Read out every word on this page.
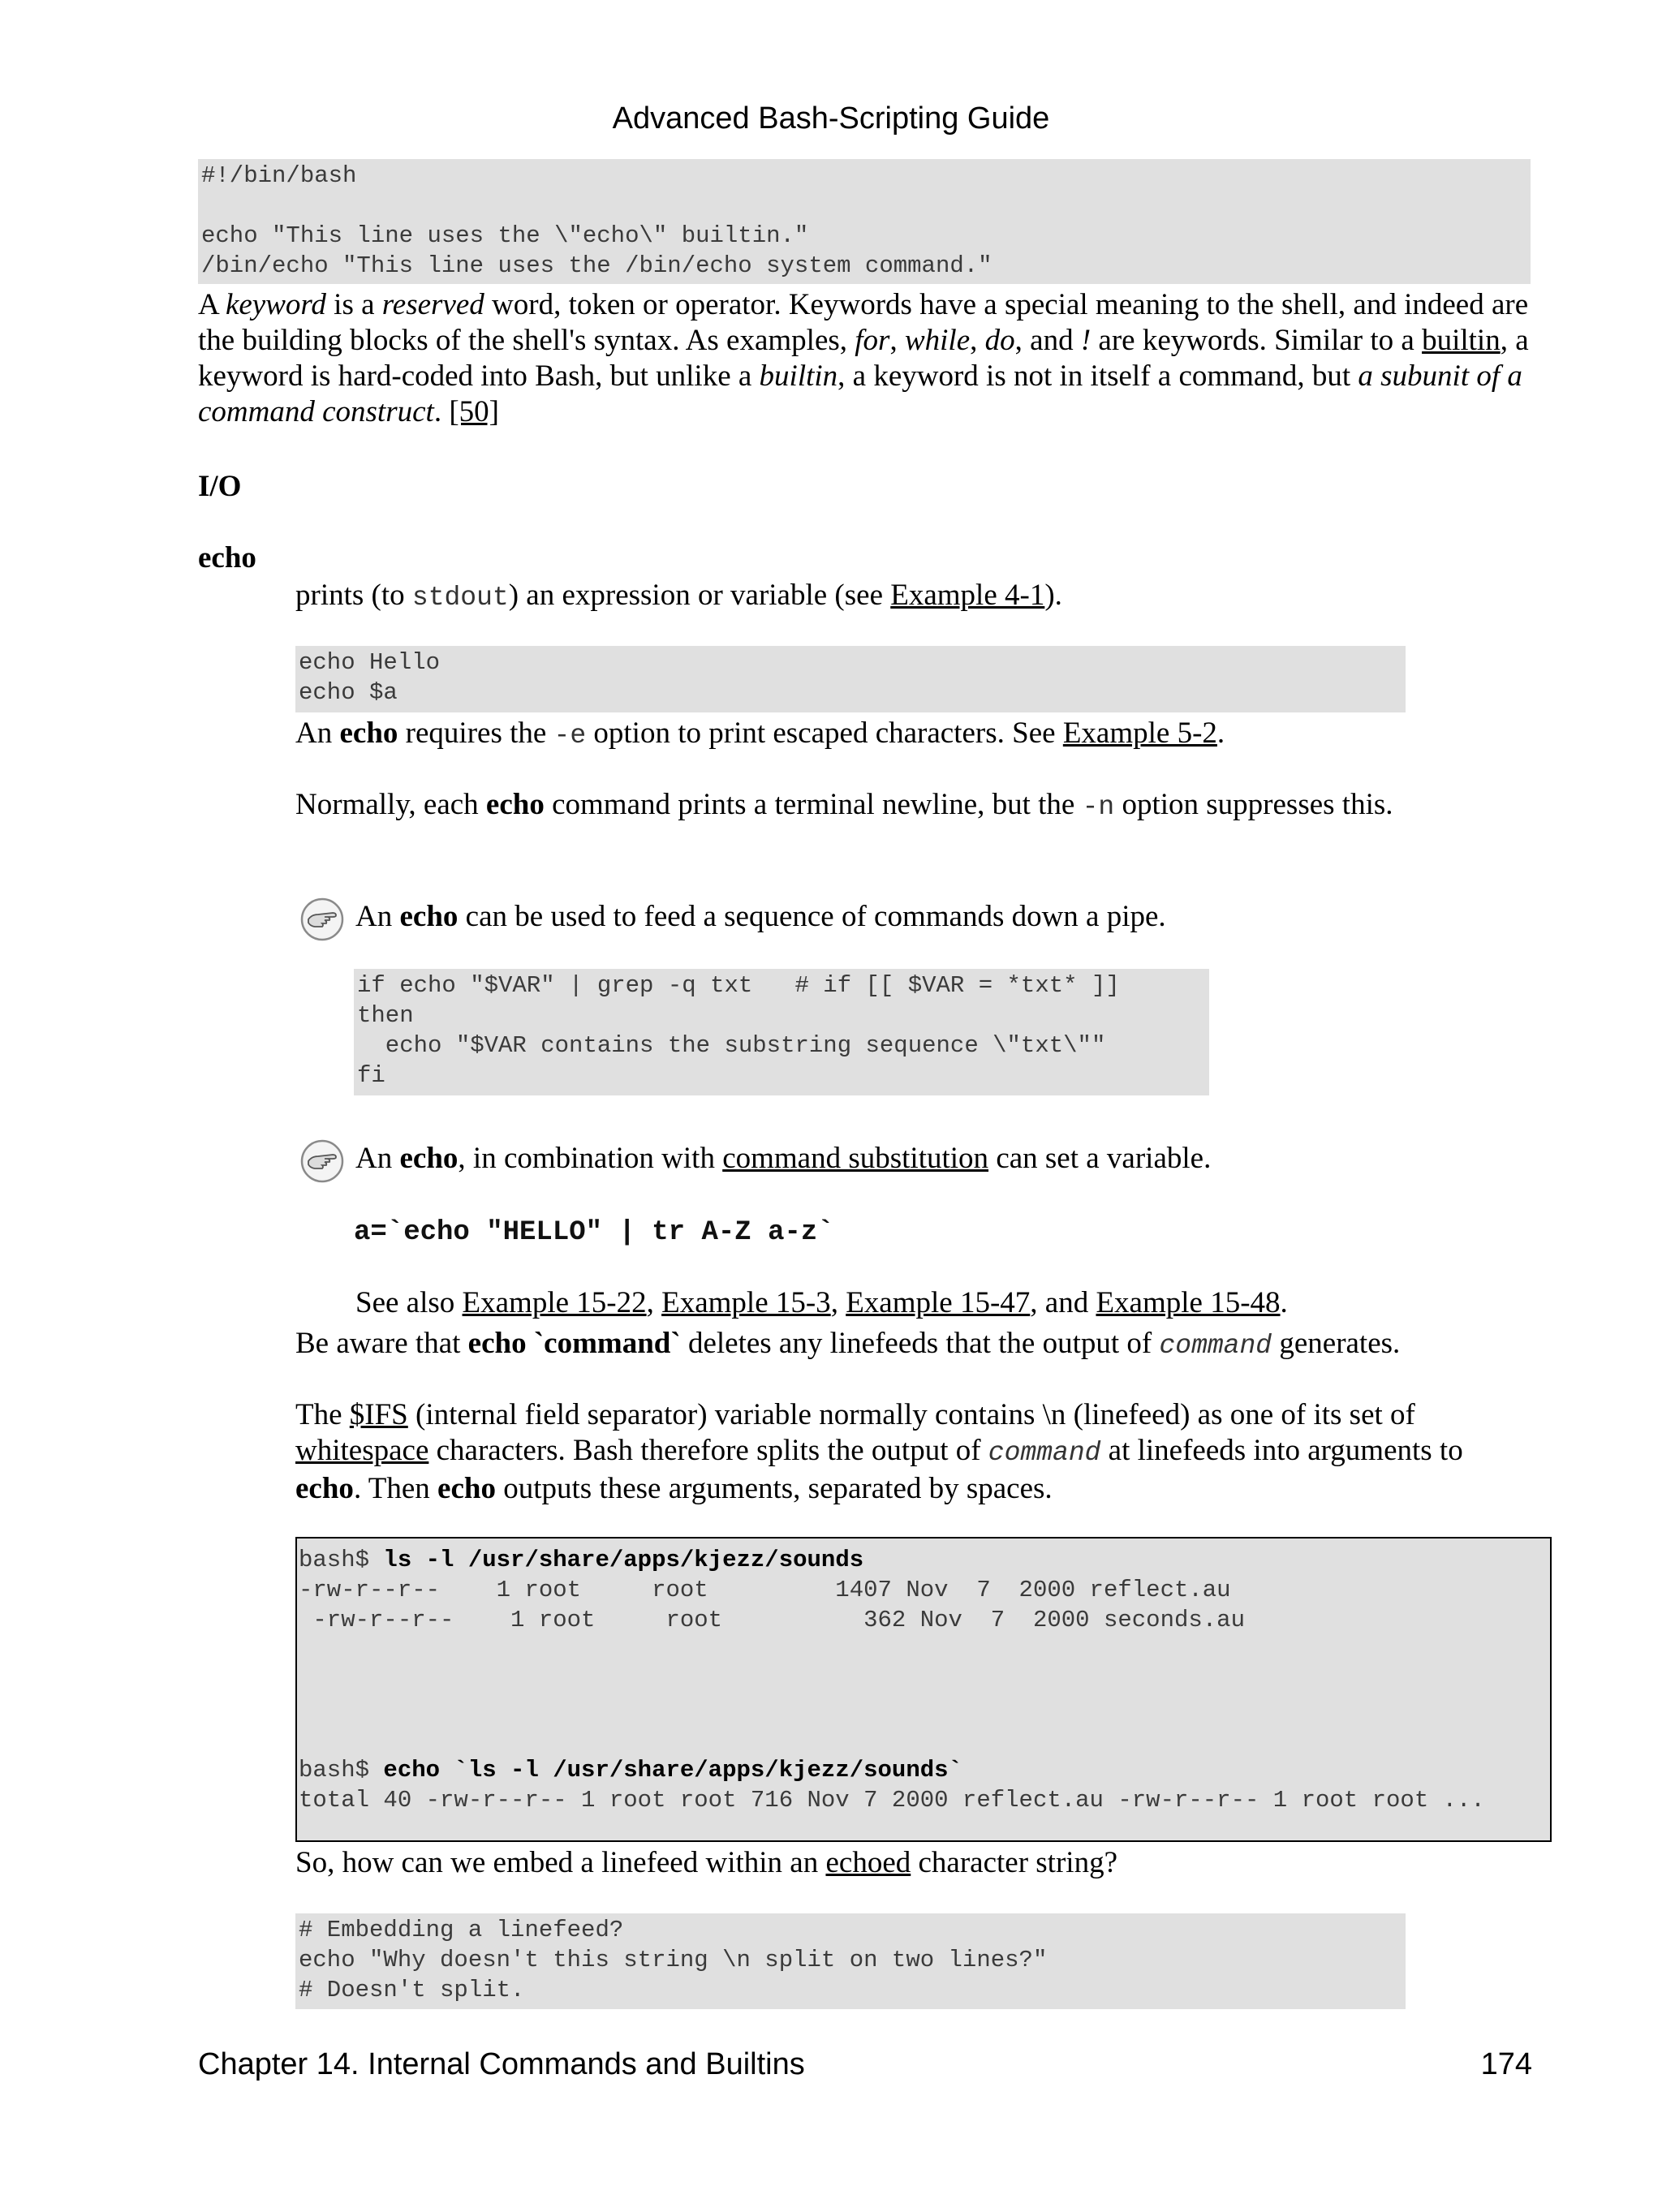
Advanced Bash-Scripting Guide
#!/bin/bash
echo "This line uses the \"echo\" builtin."
/bin/echo "This line uses the /bin/echo system command."
A keyword is a reserved word, token or operator. Keywords have a special meaning to the shell, and indeed are the building blocks of the shell's syntax. As examples, for, while, do, and ! are keywords. Similar to a builtin, a keyword is hard-coded into Bash, but unlike a builtin, a keyword is not in itself a command, but a subunit of a command construct. [50]
I/O
echo
prints (to stdout) an expression or variable (see Example 4-1).
echo Hello
echo $a
An echo requires the -e option to print escaped characters. See Example 5-2.
Normally, each echo command prints a terminal newline, but the -n option suppresses this.
An echo can be used to feed a sequence of commands down a pipe.
if echo "$VAR" | grep -q txt   # if [[ $VAR = *txt* ]]
then
echo "$VAR contains the substring sequence \"txt\""
fi
An echo, in combination with command substitution can set a variable.
a=`echo "HELLO" | tr A-Z a-z`
See also Example 15-22, Example 15-3, Example 15-47, and Example 15-48.
Be aware that echo `command` deletes any linefeeds that the output of command generates.
The $IFS (internal field separator) variable normally contains \n (linefeed) as one of its set of whitespace characters. Bash therefore splits the output of command at linefeeds into arguments to echo. Then echo outputs these arguments, separated by spaces.
bash$ ls -l /usr/share/apps/kjezz/sounds
-rw-r--r--    1 root     root         1407 Nov  7  2000 reflect.au
-rw-r--r--    1 root     root          362 Nov  7  2000 seconds.au
bash$ echo `ls -l /usr/share/apps/kjezz/sounds`
total 40 -rw-r--r-- 1 root root 716 Nov 7 2000 reflect.au -rw-r--r-- 1 root root ...
So, how can we embed a linefeed within an echoed character string?
# Embedding a linefeed?
echo "Why doesn't this string \n split on two lines?"
# Doesn't split.
Chapter 14. Internal Commands and Builtins	174
